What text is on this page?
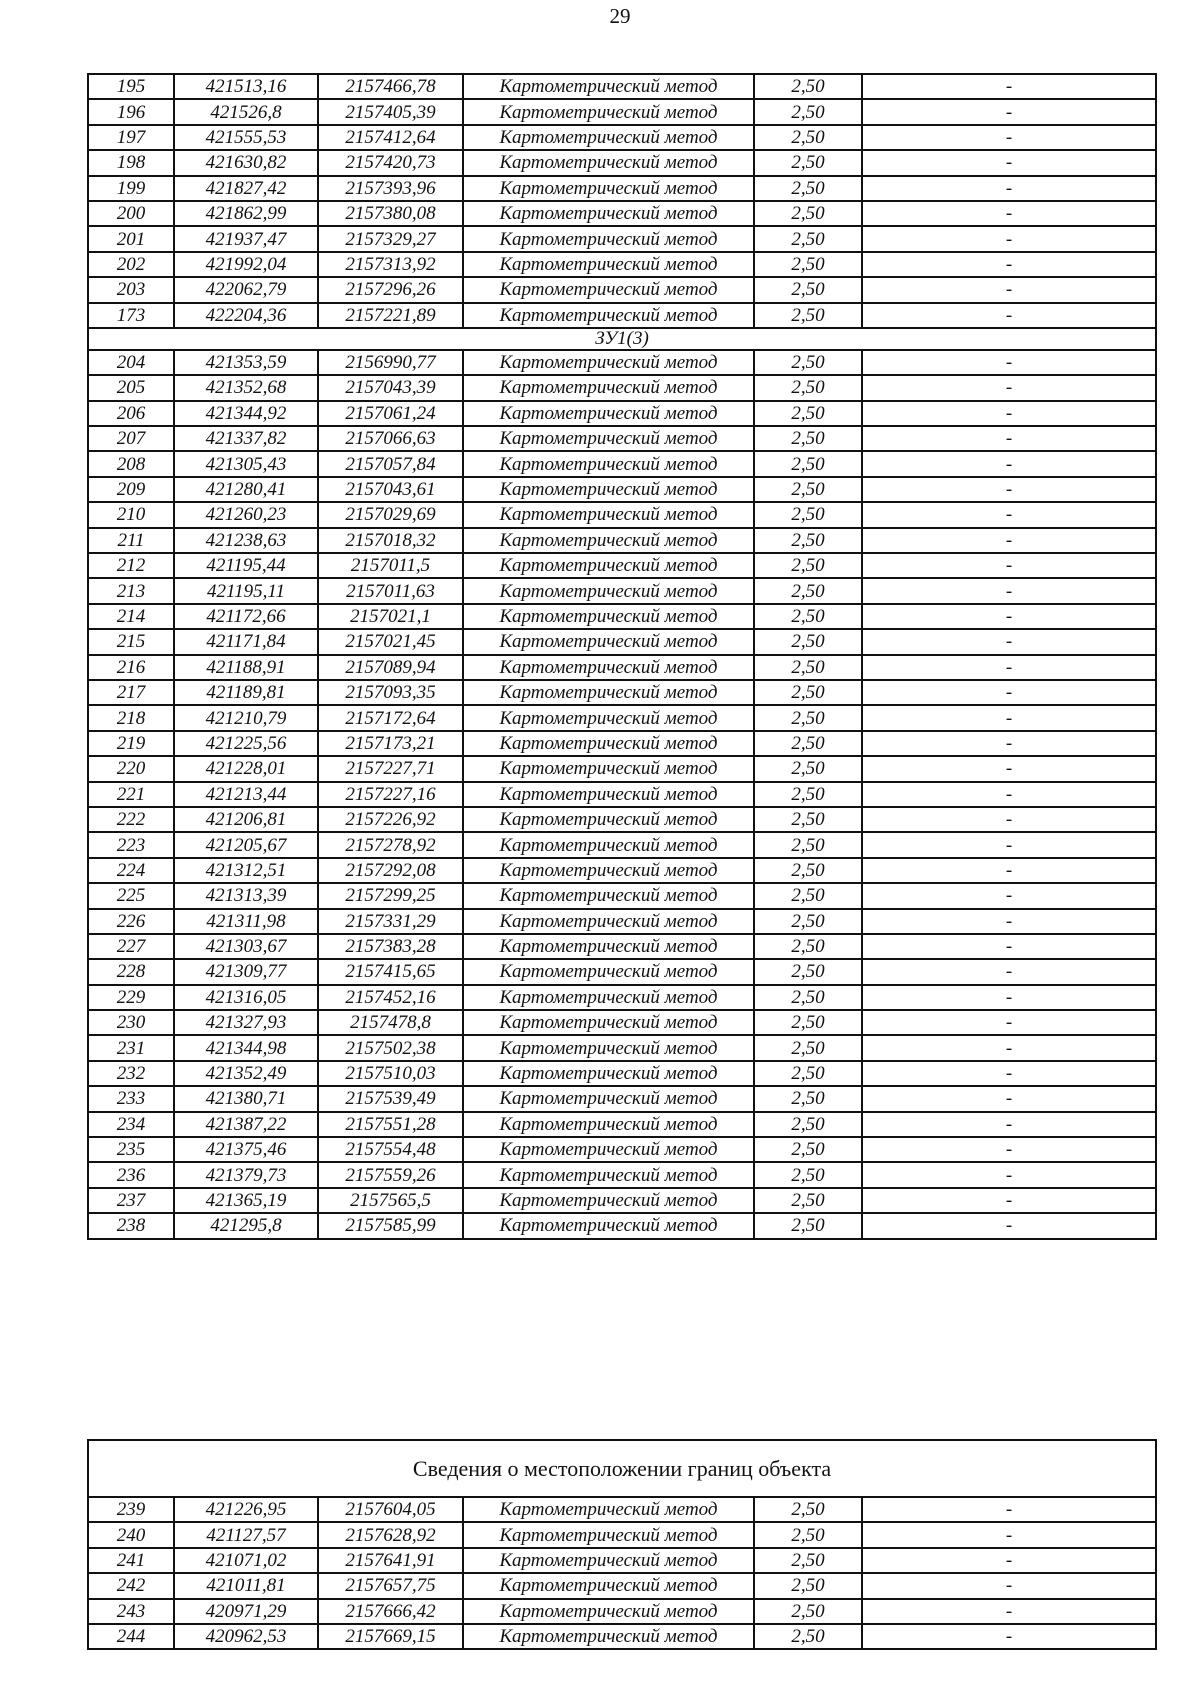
29
195	421513,16	2157466,78	Картометрический метод	2,50	-
196	421526,8	2157405,39	Картометрический метод	2,50	-
197	421555,53	2157412,64	Картометрический метод	2,50	-
198	421630,82	2157420,73	Картометрический метод	2,50	-
199	421827,42	2157393,96	Картометрический метод	2,50	-
200	421862,99	2157380,08	Картометрический метод	2,50	-
201	421937,47	2157329,27	Картометрический метод	2,50	-
202	421992,04	2157313,92	Картометрический метод	2,50	-
203	422062,79	2157296,26	Картометрический метод	2,50	-
173	422204,36	2157221,89	Картометрический метод	2,50	-
ЗУ1(3)					
204	421353,59	2156990,77	Картометрический метод	2,50	-
205	421352,68	2157043,39	Картометрический метод	2,50	-
206	421344,92	2157061,24	Картометрический метод	2,50	-
207	421337,82	2157066,63	Картометрический метод	2,50	-
208	421305,43	2157057,84	Картометрический метод	2,50	-
209	421280,41	2157043,61	Картометрический метод	2,50	-
210	421260,23	2157029,69	Картометрический метод	2,50	-
211	421238,63	2157018,32	Картометрический метод	2,50	-
212	421195,44	2157011,5	Картометрический метод	2,50	-
213	421195,11	2157011,63	Картометрический метод	2,50	-
214	421172,66	2157021,1	Картометрический метод	2,50	-
215	421171,84	2157021,45	Картометрический метод	2,50	-
216	421188,91	2157089,94	Картометрический метод	2,50	-
217	421189,81	2157093,35	Картометрический метод	2,50	-
218	421210,79	2157172,64	Картометрический метод	2,50	-
219	421225,56	2157173,21	Картометрический метод	2,50	-
220	421228,01	2157227,71	Картометрический метод	2,50	-
221	421213,44	2157227,16	Картометрический метод	2,50	-
222	421206,81	2157226,92	Картометрический метод	2,50	-
223	421205,67	2157278,92	Картометрический метод	2,50	-
224	421312,51	2157292,08	Картометрический метод	2,50	-
225	421313,39	2157299,25	Картометрический метод	2,50	-
226	421311,98	2157331,29	Картометрический метод	2,50	-
227	421303,67	2157383,28	Картометрический метод	2,50	-
228	421309,77	2157415,65	Картометрический метод	2,50	-
229	421316,05	2157452,16	Картометрический метод	2,50	-
230	421327,93	2157478,8	Картометрический метод	2,50	-
231	421344,98	2157502,38	Картометрический метод	2,50	-
232	421352,49	2157510,03	Картометрический метод	2,50	-
233	421380,71	2157539,49	Картометрический метод	2,50	-
234	421387,22	2157551,28	Картометрический метод	2,50	-
235	421375,46	2157554,48	Картометрический метод	2,50	-
236	421379,73	2157559,26	Картометрический метод	2,50	-
237	421365,19	2157565,5	Картометрический метод	2,50	-
238	421295,8	2157585,99	Картометрический метод	2,50	-
Сведения о местоположении границ объекта					
239	421226,95	2157604,05	Картометрический метод	2,50	-
240	421127,57	2157628,92	Картометрический метод	2,50	-
241	421071,02	2157641,91	Картометрический метод	2,50	-
242	421011,81	2157657,75	Картометрический метод	2,50	-
243	420971,29	2157666,42	Картометрический метод	2,50	-
244	420962,53	2157669,15	Картометрический метод	2,50	-
